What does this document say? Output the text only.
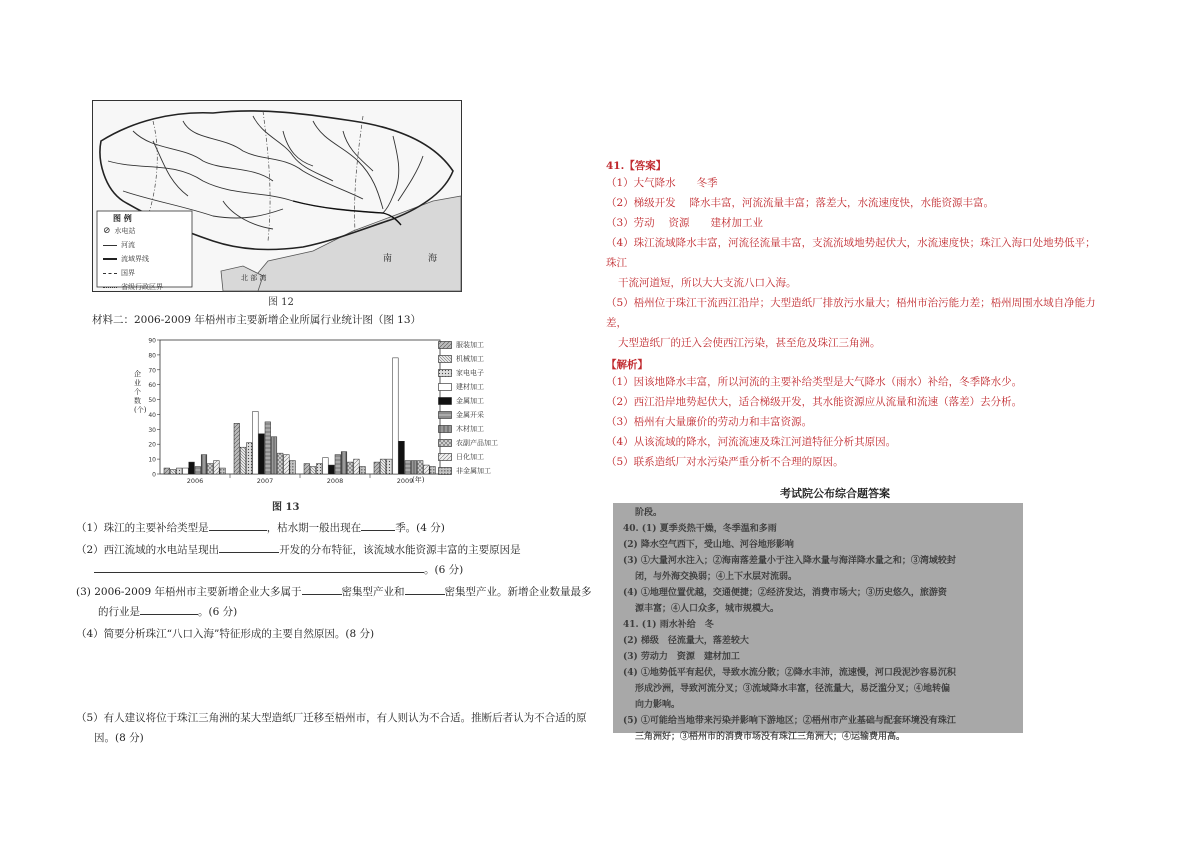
图 例
⊘ 水电站
河流
流域界线
国界
省级行政区界
南	海
北 部 湾
图 12
材料二：2006-2009 年梧州市主要新增企业所属行业统计图（图 13）
0
10
20
30
40
50
60
70
80
90
2006	2007	2008	2009
企业个数(个)
(年)
服装加工
机械加工
家电电子
建材加工
金属加工
金属开采
木材加工
农副产品加工
日化加工
非金属加工
图 13
（1）珠江的主要补给类型是	，枯水期一般出现在	季。(4 分)
（2）西江流域的水电站呈现出	开发的分布特征，该流域水能资源丰富的主要原因是
。(6 分)
(3) 2006-2009 年梧州市主要新增企业大多属于	密集型产业和	密集型产业。新增企业数量最多
的行业是	。(6 分)
（4）简要分析珠江“八口入海”特征形成的主要自然原因。(8 分)
（5）有人建议将位于珠江三角洲的某大型造纸厂迁移至梧州市，有人则认为不合适。推断后者认为不合适的原
因。(8 分)
41.【答案】
（1）大气降水　　冬季
（2）梯级开发　 降水丰富，河流流量丰富；落差大，水流速度快，水能资源丰富。
（3）劳动　 资源　　建材加工业
（4）珠江流域降水丰富，河流径流量丰富，支流流域地势起伏大，水流速度快；珠江入海口处地势低平；珠江
干流河道短，所以大大支流八口入海。
（5）梧州位于珠江干流西江沿岸；大型造纸厂排放污水量大；梧州市治污能力差；梧州周围水域自净能力差，
大型造纸厂的迁入会使西江污染，甚至危及珠江三角洲。
【解析】
（1）因该地降水丰富，所以河流的主要补给类型是大气降水（雨水）补给，冬季降水少。
（2）西江沿岸地势起伏大，适合梯级开发，其水能资源应从流量和流速（落差）去分析。
（3）梧州有大量廉价的劳动力和丰富资源。
（4）从该流域的降水，河流流速及珠江河道特征分析其原因。
（5）联系造纸厂对水污染严重分析不合理的原因。
考试院公布综合题答案
阶段。
40. (1) 夏季炎热干燥，冬季温和多雨
(2) 降水空气西下，受山地、河谷地形影响
(3) ①大量河水注入；②海南落差量小于注入降水量与海洋降水量之和；③湾域较封
闭，与外海交换弱；④上下水层对流弱。
(4) ①地理位置优越，交通便捷；②经济发达，消费市场大；③历史悠久，旅游资
源丰富；④人口众多，城市规模大。
41. (1) 雨水补给　冬
(2) 梯级　径流量大，落差较大
(3) 劳动力　资源　建材加工
(4) ①地势低平有起伏，导致水流分散；②降水丰沛，流速慢，河口段泥沙容易沉积
形成沙洲，导致河流分叉；③流域降水丰富，径流量大，易泛滥分叉；④地转偏
向力影响。
(5) ①可能给当地带来污染并影响下游地区；②梧州市产业基础与配套环境没有珠江
三角洲好；③梧州市的消费市场没有珠江三角洲大；④运输费用高。
